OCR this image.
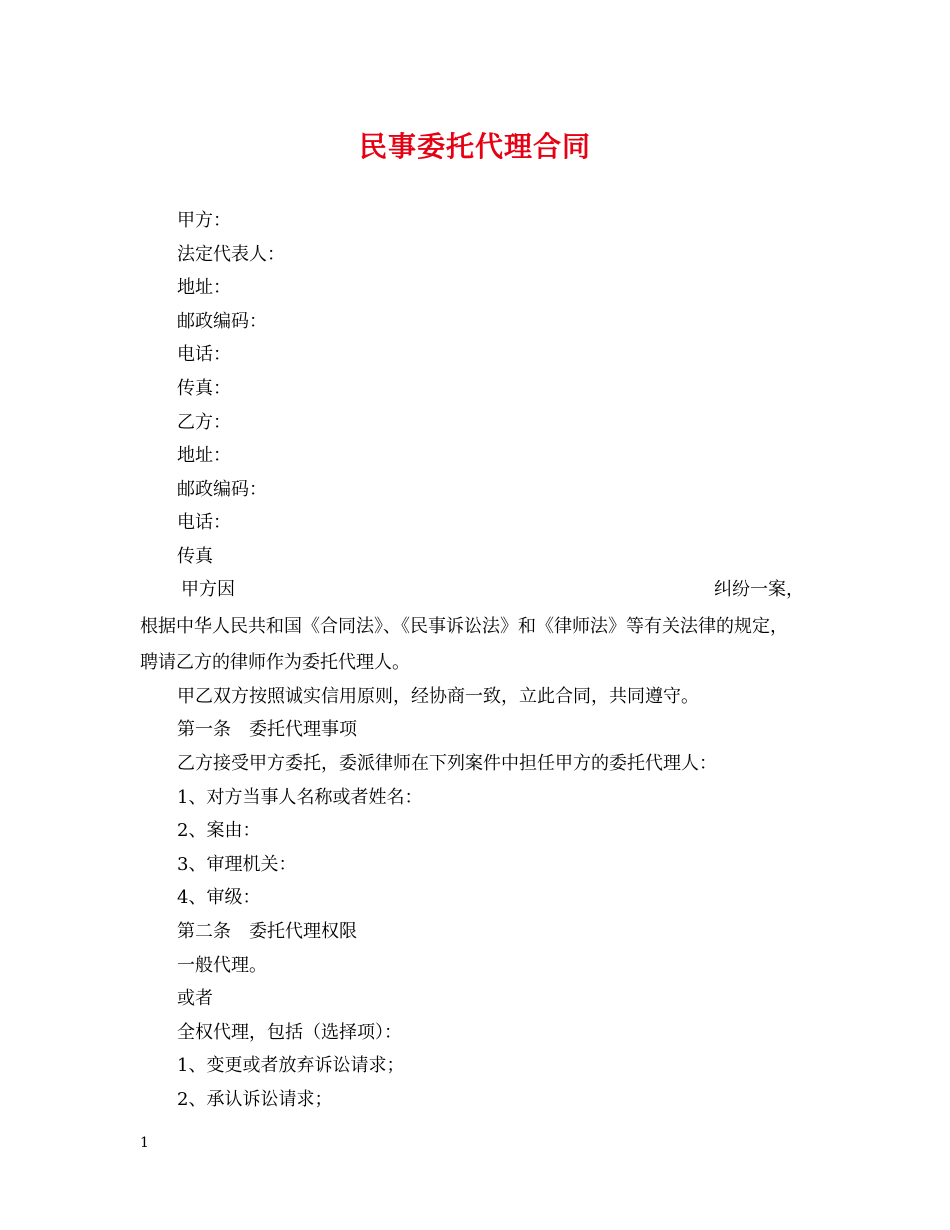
民事委托代理合同
甲方：
法定代表人：
地址：
邮政编码：
电话：
传真：
乙方：
地址：
邮政编码：
电话：
传真
甲方因	纠纷一案，
根据中华人民共和国《合同法》、《民事诉讼法》和《律师法》等有关法律的规定，
聘请乙方的律师作为委托代理人。
甲乙双方按照诚实信用原则，经协商一致，立此合同，共同遵守。
第一条　委托代理事项
乙方接受甲方委托，委派律师在下列案件中担任甲方的委托代理人：
1、对方当事人名称或者姓名：
2、案由：
3、审理机关：
4、审级：
第二条　委托代理权限
一般代理。
或者
全权代理，包括（选择项）：
1、变更或者放弃诉讼请求；
2、承认诉讼请求；
1
